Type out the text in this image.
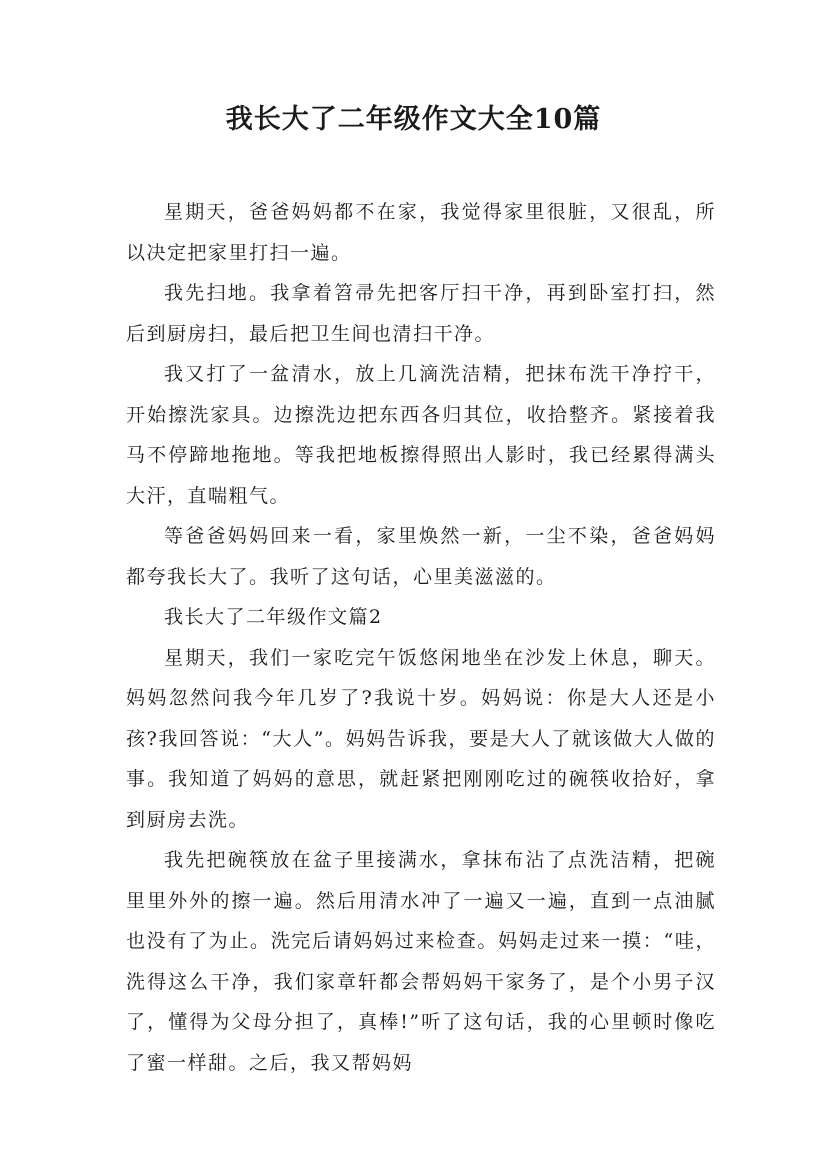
我长大了二年级作文大全10篇

星期天，爸爸妈妈都不在家，我觉得家里很脏，又很乱，所以决定把家里打扫一遍。

我先扫地。我拿着笤帚先把客厅扫干净，再到卧室打扫，然后到厨房扫，最后把卫生间也清扫干净。

我又打了一盆清水，放上几滴洗洁精，把抹布洗干净拧干，开始擦洗家具。边擦洗边把东西各归其位，收拾整齐。紧接着我马不停蹄地拖地。等我把地板擦得照出人影时，我已经累得满头大汗，直喘粗气。

等爸爸妈妈回来一看，家里焕然一新，一尘不染，爸爸妈妈都夸我长大了。我听了这句话，心里美滋滋的。

我长大了二年级作文篇2

星期天，我们一家吃完午饭悠闲地坐在沙发上休息，聊天。妈妈忽然问我今年几岁了?我说十岁。妈妈说：你是大人还是小孩?我回答说：“大人”。妈妈告诉我，要是大人了就该做大人做的事。我知道了妈妈的意思，就赶紧把刚刚吃过的碗筷收拾好，拿到厨房去洗。

我先把碗筷放在盆子里接满水，拿抹布沾了点洗洁精，把碗里里外外的擦一遍。然后用清水冲了一遍又一遍，直到一点油腻也没有了为止。洗完后请妈妈过来检查。妈妈走过来一摸：“哇，洗得这么干净，我们家章轩都会帮妈妈干家务了，是个小男子汉了，懂得为父母分担了，真棒!”听了这句话，我的心里顿时像吃了蜜一样甜。之后，我又帮妈妈
